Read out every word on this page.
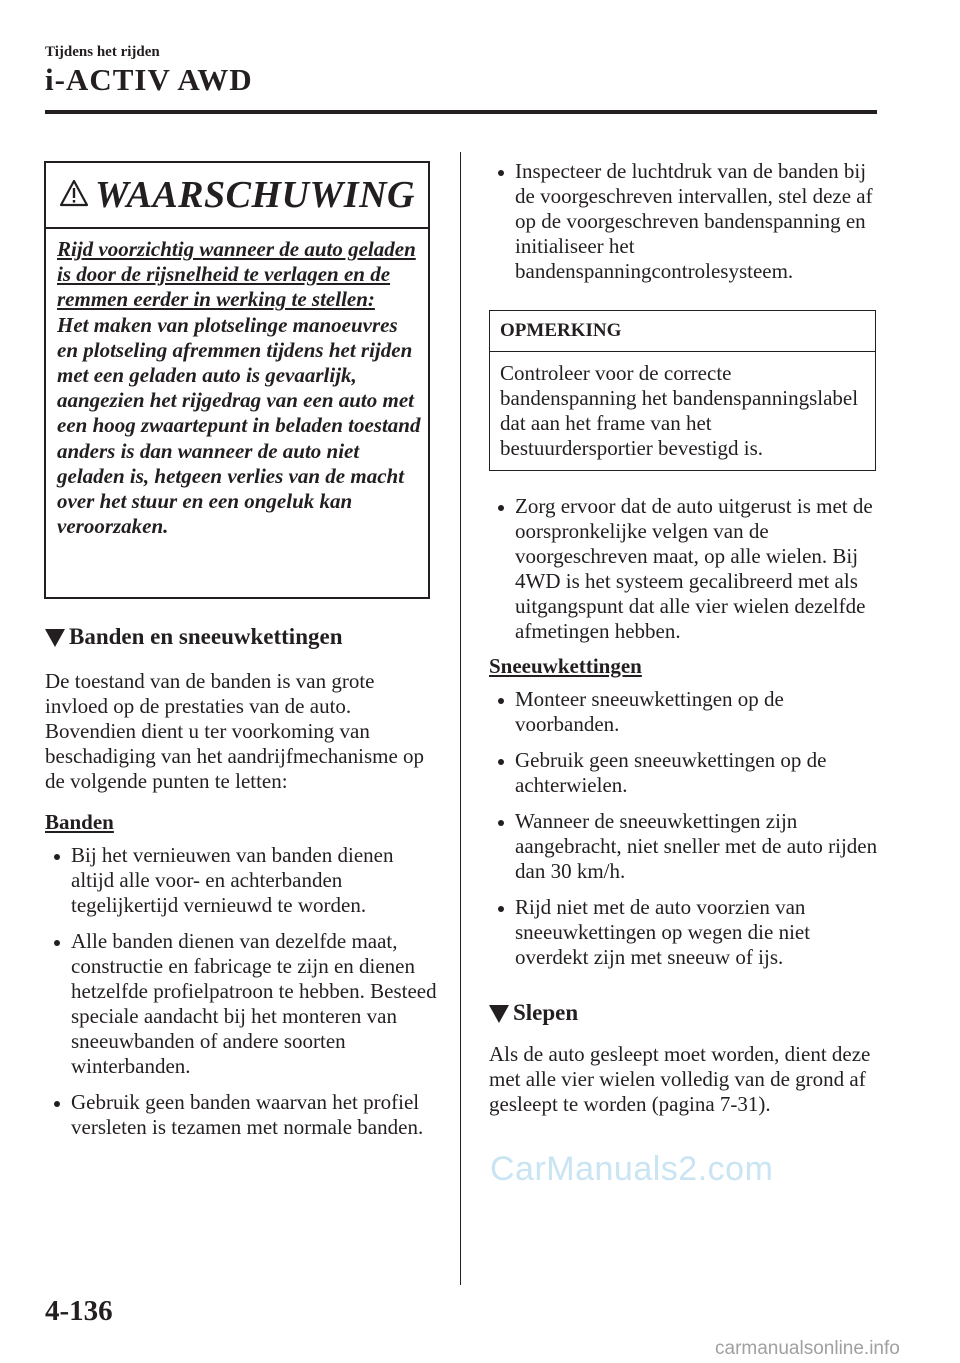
Tijdens het rijden
i-ACTIV AWD
WAARSCHUWING
Rijd voorzichtig wanneer de auto geladen is door de rijsnelheid te verlagen en de remmen eerder in werking te stellen:
Het maken van plotselinge manoeuvres en plotseling afremmen tijdens het rijden met een geladen auto is gevaarlijk, aangezien het rijgedrag van een auto met een hoog zwaartepunt in beladen toestand anders is dan wanneer de auto niet geladen is, hetgeen verlies van de macht over het stuur en een ongeluk kan veroorzaken.
Banden en sneeuwkettingen
De toestand van de banden is van grote invloed op de prestaties van de auto. Bovendien dient u ter voorkoming van beschadiging van het aandrijfmechanisme op de volgende punten te letten:
Banden
Bij het vernieuwen van banden dienen altijd alle voor- en achterbanden tegelijkertijd vernieuwd te worden.
Alle banden dienen van dezelfde maat, constructie en fabricage te zijn en dienen hetzelfde profielpatroon te hebben. Besteed speciale aandacht bij het monteren van sneeuwbanden of andere soorten winterbanden.
Gebruik geen banden waarvan het profiel versleten is tezamen met normale banden.
Inspecteer de luchtdruk van de banden bij de voorgeschreven intervallen, stel deze af op de voorgeschreven bandenspanning en initialiseer het bandenspanningcontrolesysteem.
OPMERKING
Controleer voor de correcte bandenspanning het bandenspanningslabel dat aan het frame van het bestuurdersportier bevestigd is.
Zorg ervoor dat de auto uitgerust is met de oorspronkelijke velgen van de voorgeschreven maat, op alle wielen. Bij 4WD is het systeem gecalibreerd met als uitgangspunt dat alle vier wielen dezelfde afmetingen hebben.
Sneeuwkettingen
Monteer sneeuwkettingen op de voorbanden.
Gebruik geen sneeuwkettingen op de achterwielen.
Wanneer de sneeuwkettingen zijn aangebracht, niet sneller met de auto rijden dan 30 km/h.
Rijd niet met de auto voorzien van sneeuwkettingen op wegen die niet overdekt zijn met sneeuw of ijs.
Slepen
Als de auto gesleept moet worden, dient deze met alle vier wielen volledig van de grond af gesleept te worden (pagina 7-31).
CarManuals2.com
4-136
carmanualsonline.info
